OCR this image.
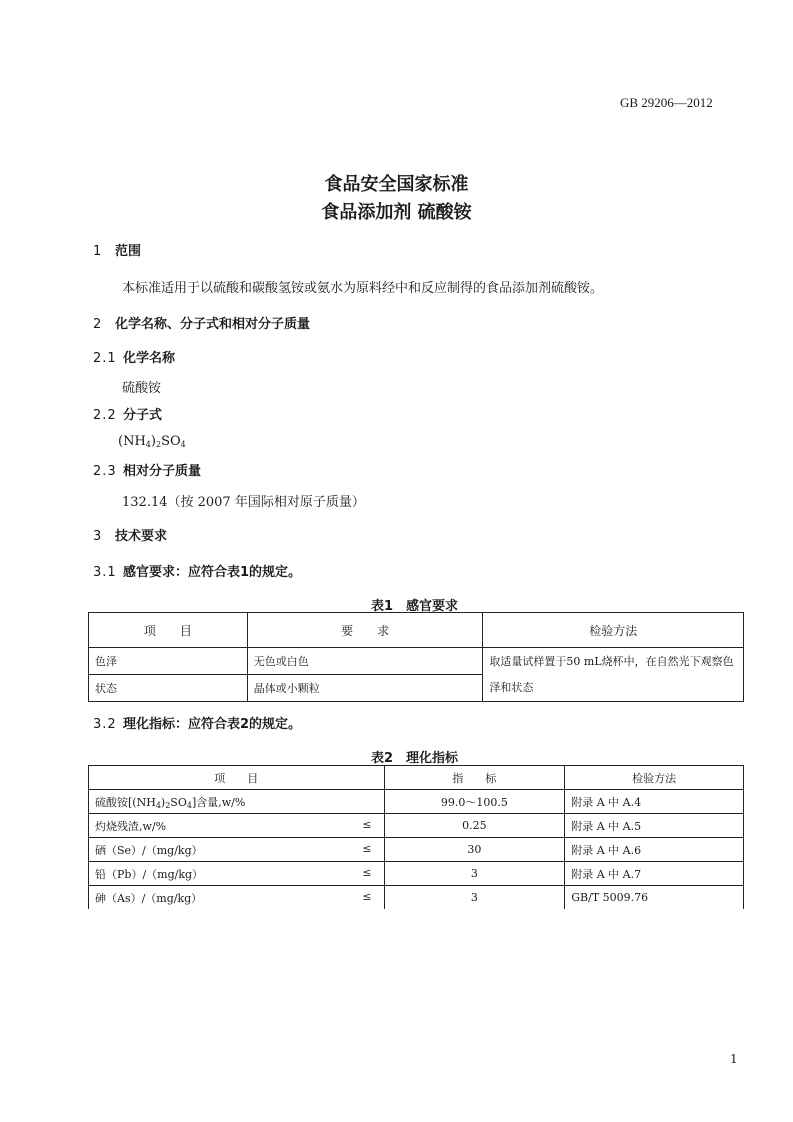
GB 29206—2012
食品安全国家标准
食品添加剂 硫酸铵
1 范围
本标准适用于以硫酸和碳酸氢铵或氨水为原料经中和反应制得的食品添加剂硫酸铵。
2 化学名称、分子式和相对分子质量
2.1 化学名称
硫酸铵
2.2 分子式
$(NH_4)_2SO_4$
2.3 相对分子质量
132.14（按 2007 年国际相对原子质量）
3 技术要求
3.1 感官要求：应符合表1的规定。
表1　感官要求
项　　目	要　　求	检验方法
色泽	无色或白色	取适量试样置于50 mL烧杯中，在自然光下观察色泽和状态
状态	晶体或小颗粒	
3.2 理化指标：应符合表2的规定。
表2　理化指标
项　　目	指　　标	检验方法
硫酸铵$[(NH_4)_2SO_4]$含量,w/%	99.0～100.5	附录 A 中 A.4

灼烧残渣,w/% ≤	0.25	附录 A 中 A.5

硒（Se）/（mg/kg） ≤	30	附录 A 中 A.6

铅（Pb）/（mg/kg） ≤	3	附录 A 中 A.7

砷（As）/（mg/kg） ≤	3	GB/T 5009.76
1
